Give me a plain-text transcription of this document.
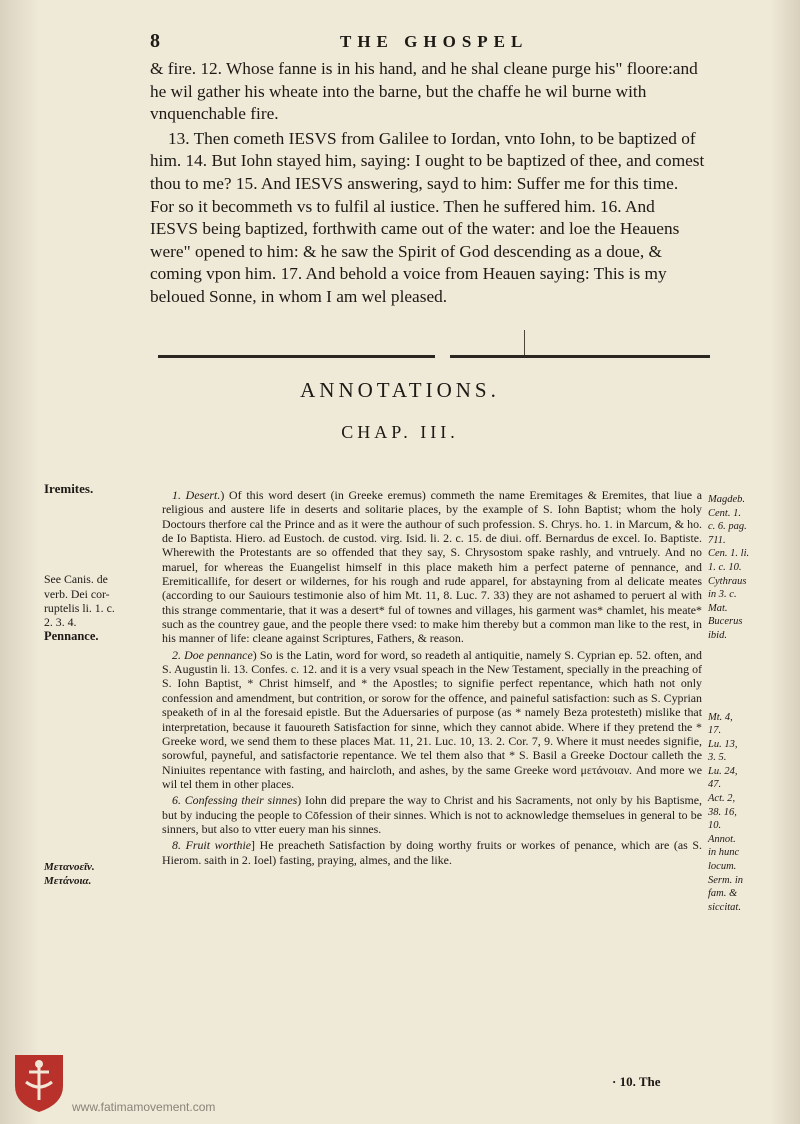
8	THE GHOSPEL

& fire. 12. Whose fanne is in his hand, and he shal cleane purge his" floore:and he wil gather his wheate into the barne, but the chaffe he wil burne with vnquenchable fire.

13. Then cometh IESVS from Galilee to Iordan, vnto Iohn, to be baptized of him. 14. But Iohn stayed him, saying: I ought to be baptized of thee, and comest thou to me? 15. And IESVS answering, sayd to him: Suffer me for this time. For so it becommeth vs to fulfil al iustice. Then he suffered him. 16. And IESVS being baptized, forthwith came out of the water: and loe the Heauens were" opened to him: & he saw the Spirit of God descending as a doue, & coming vpon him. 17. And behold a voice from Heauen saying: This is my beloued Sonne, in whom I am wel pleased.

ANNOTATIONS.
CHAP. III.
Iremites.
See Canis. de
verb. Dei cor-
ruptelis li. 1. c.
2. 3. 4.
Pennance.
Μετανοεῖν.
Μετάνοια.

1. Desert.) Of this word desert (in Greeke eremus) commeth the name Eremitages & Eremites, that liue a religious and austere life in deserts and solitarie places, by the example of S. Iohn Baptist; whom the holy Doctours therfore cal the Prince and as it were the authour of such profession. S. Chrys. ho. 1. in Marcum, & ho. de Io Baptista. Hiero. ad Eustoch. de custod. virg. Isid. li. 2. c. 15. de diui. off. Bernardus de excel. Io. Baptiste. Wherewith the Protestants are so offended that they say, S. Chrysostom spake rashly, and vntruely. And no maruel, for whereas the Euangelist himself in this place maketh him a perfect paterne of pennance, and Eremiticallife, for desert or wildernes, for his rough and rude apparel, for abstayning from al delicate meates (according to our Sauiours testimonie also of him Mt. 11, 8. Luc. 7. 33) they are not ashamed to peruert al with this strange commentarie, that it was a desert* ful of townes and villages, his garment was* chamlet, his meate* such as the countrey gaue, and the people there vsed: to make him thereby but a common man like to the rest, in his manner of life: cleane against Scriptures, Fathers, & reason.

2. Doe pennance) So is the Latin, word for word, so readeth al antiquitie, namely S. Cyprian ep. 52. often, and S. Augustin li. 13. Confes. c. 12. and it is a very vsual speach in the New Testament, specially in the preaching of S. Iohn Baptist, * Christ himself, and * the Apostles; to signifie perfect repentance, which hath not only confession and amendment, but contrition, or sorow for the offence, and paineful satisfaction: such as S. Cyprian speaketh of in al the foresaid epistle. But the Aduersaries of purpose (as * namely Beza protesteth) mislike that interpretation, because it fauoureth Satisfaction for sinne, which they cannot abide. Where if they pretend the * Greeke word, we send them to these places Mat. 11, 21. Luc. 10, 13. 2. Cor. 7, 9. Where it must needes signifie, sorowful, payneful, and satisfactorie repentance. We tel them also that * S. Basil a Greeke Doctour calleth the Niniuites repentance with fasting, and haircloth, and ashes, by the same Greeke word μετάνοιαν. And more we wil tel them in other places.

6. Confessing their sinnes) Iohn did prepare the way to Christ and his Sacraments, not only by his Baptisme, but by inducing the people to Cōfession of their sinnes. Which is not to acknowledge themselues in general to be sinners, but also to vtter euery man his sinnes.

8. Fruit worthie] He preacheth Satisfaction by doing worthy fruits or workes of penance, which are (as S. Hierom. saith in 2. Ioel) fasting, praying, almes, and the like.

Magdeb.
Cent. 1.
c. 6. pag.
711.
Cen. 1. li.
1. c. 10.
Cythraus
in 3. c.
Mat.
Bucerus
ibid.

Mt. 4,
17.
Lu. 13,
3. 5.
Lu. 24,
47.
Act. 2,
38. 16,
10.
Annot.
in hunc
locum.
Serm. in
fam. &
siccitat.
· 10. The
www.fatimamovement.com
